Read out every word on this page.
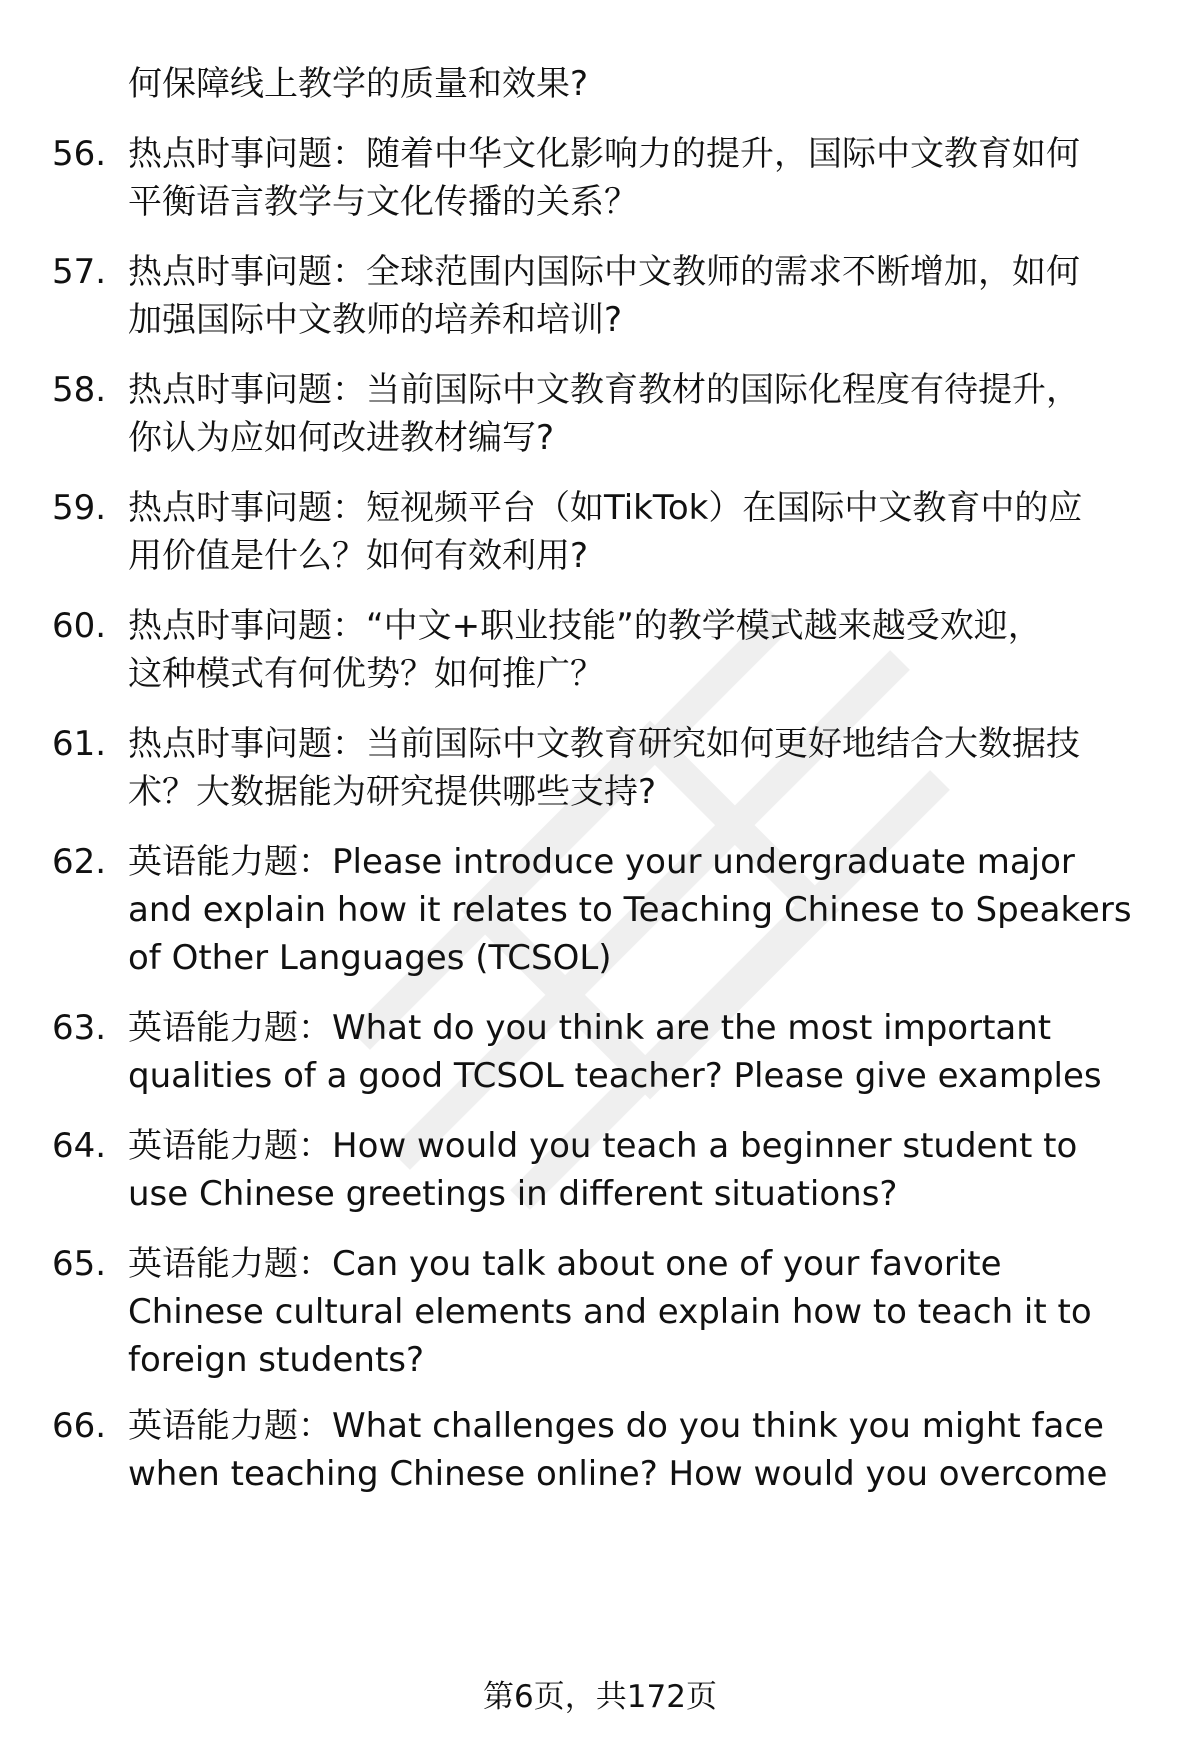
何保障线上教学的质量和效果?
56. 热点时事问题：随着中华文化影响力的提升，国际中文教育如何
平衡语言教学与文化传播的关系？
57. 热点时事问题：全球范围内国际中文教师的需求不断增加，如何
加强国际中文教师的培养和培训?
58. 热点时事问题：当前国际中文教育教材的国际化程度有待提升，
你认为应如何改进教材编写?
59. 热点时事问题：短视频平台（如TikTok）在国际中文教育中的应
用价值是什么？如何有效利用?
60. 热点时事问题：“中文+职业技能”的教学模式越来越受欢迎，
这种模式有何优势？如何推广？
61. 热点时事问题：当前国际中文教育研究如何更好地结合大数据技
术？大数据能为研究提供哪些支持?
62. 英语能力题：Please introduce your undergraduate major
and explain how it relates to Teaching Chinese to Speakers
of Other Languages (TCSOL)
63. 英语能力题：What do you think are the most important
qualities of a good TCSOL teacher? Please give examples
64. 英语能力题：How would you teach a beginner student to
use Chinese greetings in different situations?
65. 英语能力题：Can you talk about one of your favorite
Chinese cultural elements and explain how to teach it to
foreign students?
66. 英语能力题：What challenges do you think you might face
when teaching Chinese online? How would you overcome
第6页，共172页
